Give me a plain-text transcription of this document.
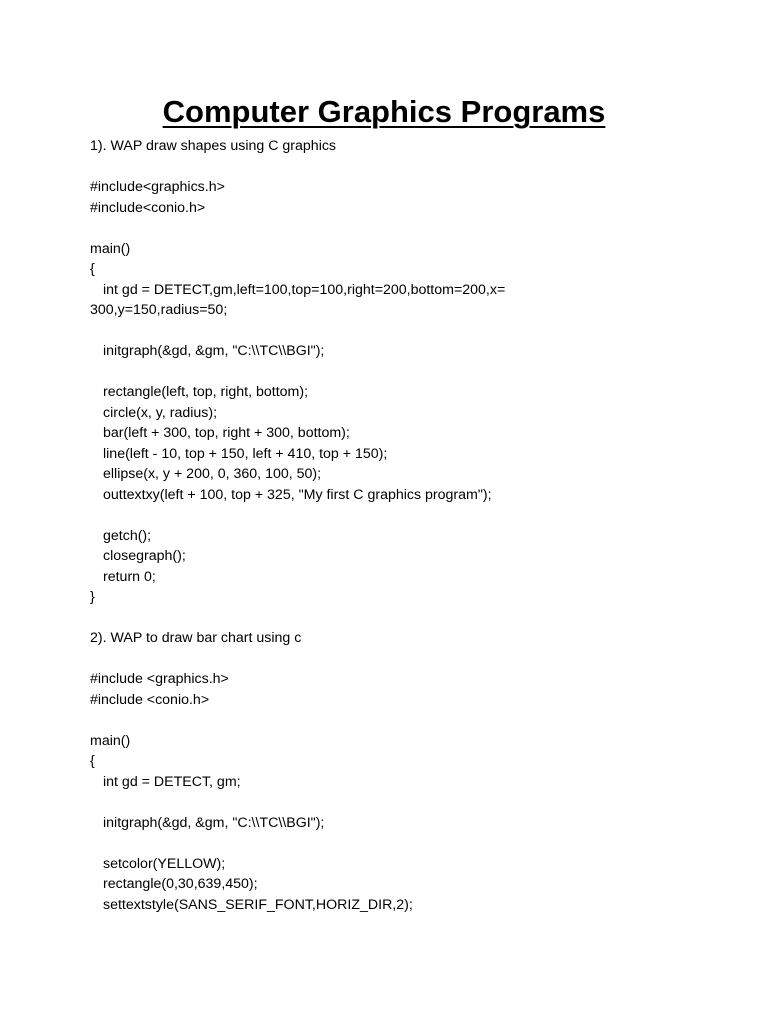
Computer Graphics Programs
1). WAP draw shapes using C graphics
#include<graphics.h>
#include<conio.h>
main()
{
int gd = DETECT,gm,left=100,top=100,right=200,bottom=200,x=
300,y=150,radius=50;
initgraph(&gd, &gm, "C:\\TC\\BGI");
rectangle(left, top, right, bottom);
circle(x, y, radius);
bar(left + 300, top, right + 300, bottom);
line(left - 10, top + 150, left + 410, top + 150);
ellipse(x, y + 200, 0, 360, 100, 50);
outtextxy(left + 100, top + 325, "My first C graphics program");
getch();
closegraph();
return 0;
}
2). WAP to draw bar chart using c
#include <graphics.h>
#include <conio.h>
main()
{
int gd = DETECT, gm;
initgraph(&gd, &gm, "C:\\TC\\BGI");
setcolor(YELLOW);
rectangle(0,30,639,450);
settextstyle(SANS_SERIF_FONT,HORIZ_DIR,2);
